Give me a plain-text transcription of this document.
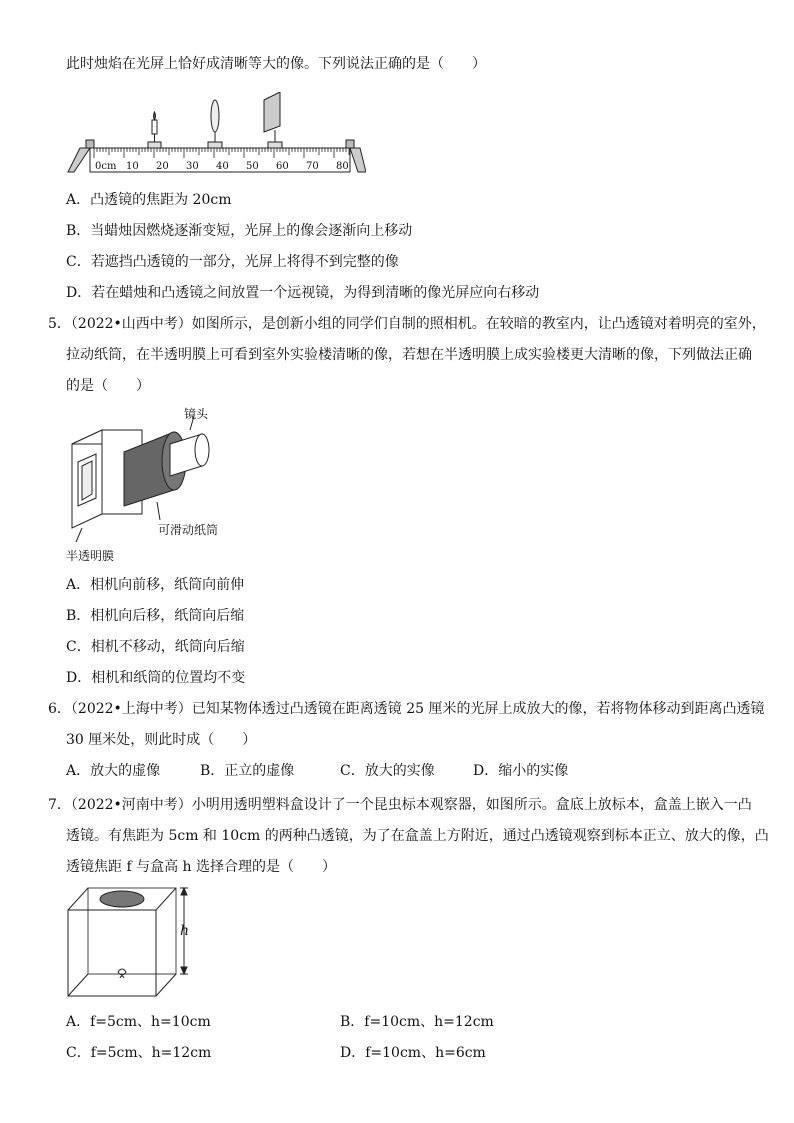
此时烛焰在光屏上恰好成清晰等大的像。下列说法正确的是（　　）
0cm 10 20 30 40 50 60 70 80
A．凸透镜的焦距为 20cm
B．当蜡烛因燃烧逐渐变短，光屏上的像会逐渐向上移动
C．若遮挡凸透镜的一部分，光屏上将得不到完整的像
D．若在蜡烛和凸透镜之间放置一个远视镜，为得到清晰的像光屏应向右移动
5．（2022•山西中考）如图所示，是创新小组的同学们自制的照相机。在较暗的教室内，让凸透镜对着明亮的室外，
拉动纸筒，在半透明膜上可看到室外实验楼清晰的像，若想在半透明膜上成实验楼更大清晰的像，下列做法正确
的是（　　）
镜头
可滑动纸筒
半透明膜
A．相机向前移，纸筒向前伸
B．相机向后移，纸筒向后缩
C．相机不移动，纸筒向后缩
D．相机和纸筒的位置均不变
6．（2022•上海中考）已知某物体透过凸透镜在距离透镜 25 厘米的光屏上成放大的像，若将物体移动到距离凸透镜
30 厘米处，则此时成（　　）
A．放大的虚像	B．正立的虚像	C．放大的实像	D．缩小的实像
7．（2022•河南中考）小明用透明塑料盒设计了一个昆虫标本观察器，如图所示。盒底上放标本，盒盖上嵌入一凸
透镜。有焦距为 5cm 和 10cm 的两种凸透镜，为了在盒盖上方附近，通过凸透镜观察到标本正立、放大的像，凸
透镜焦距 f 与盒高 h 选择合理的是（　　）
h
A．f=5cm、h=10cm	B．f=10cm、h=12cm
C．f=5cm、h=12cm	D．f=10cm、h=6cm
